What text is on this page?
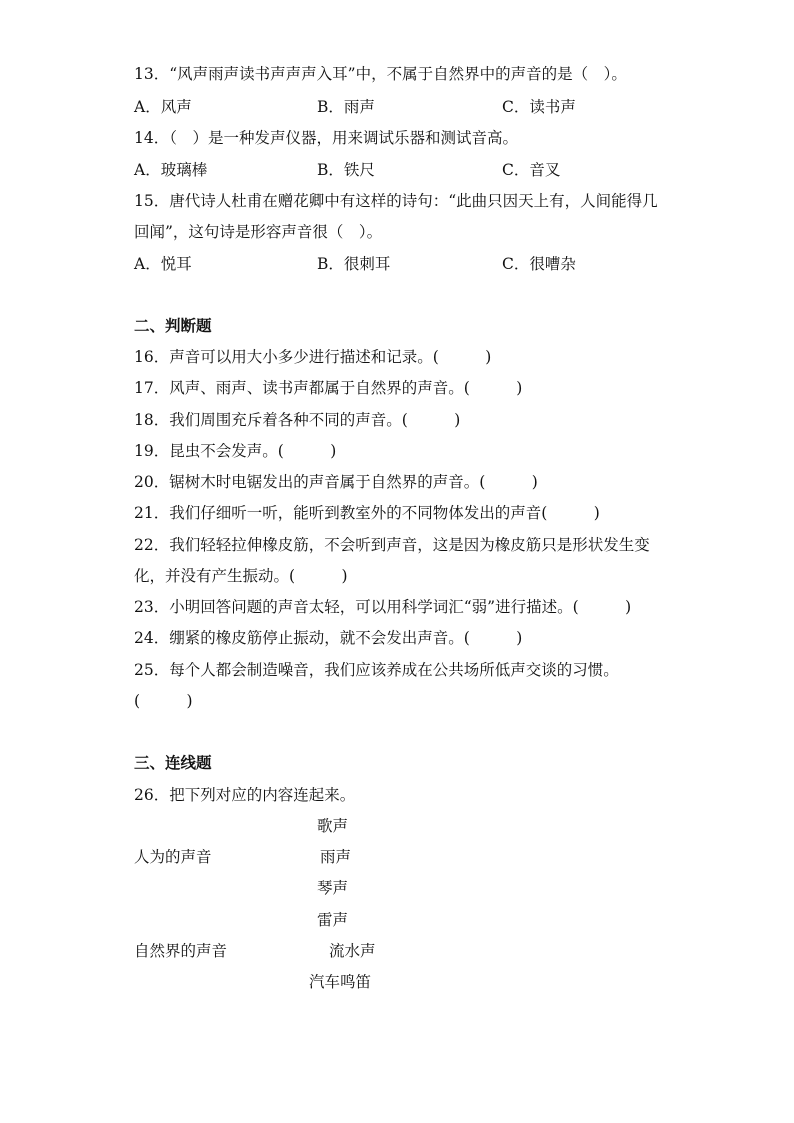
13．“风声雨声读书声声声入耳”中，不属于自然界中的声音的是（　）。
A．风声	B．雨声	C．读书声
14．（　）是一种发声仪器，用来调试乐器和测试音高。
A．玻璃棒	B．铁尺	C．音叉
15．唐代诗人杜甫在赠花卿中有这样的诗句：“此曲只因天上有，人间能得几
回闻”，这句诗是形容声音很（　）。
A．悦耳	B．很刺耳	C．很嘈杂
二、判断题
16．声音可以用大小多少进行描述和记录。(　　　)
17．风声、雨声、读书声都属于自然界的声音。(　　　)
18．我们周围充斥着各种不同的声音。(　　　)
19．昆虫不会发声。(　　　)
20．锯树木时电锯发出的声音属于自然界的声音。(　　　)
21．我们仔细听一听，能听到教室外的不同物体发出的声音(　　　)
22．我们轻轻拉伸橡皮筋，不会听到声音，这是因为橡皮筋只是形状发生变
化，并没有产生振动。(　　　)
23．小明回答问题的声音太轻，可以用科学词汇“弱”进行描述。(　　　)
24．绷紧的橡皮筋停止振动，就不会发出声音。(　　　)
25．每个人都会制造噪音，我们应该养成在公共场所低声交谈的习惯。
(　　　)
三、连线题
26．把下列对应的内容连起来。
歌声
人为的声音	雨声
琴声
雷声
自然界的声音	流水声
汽车鸣笛
